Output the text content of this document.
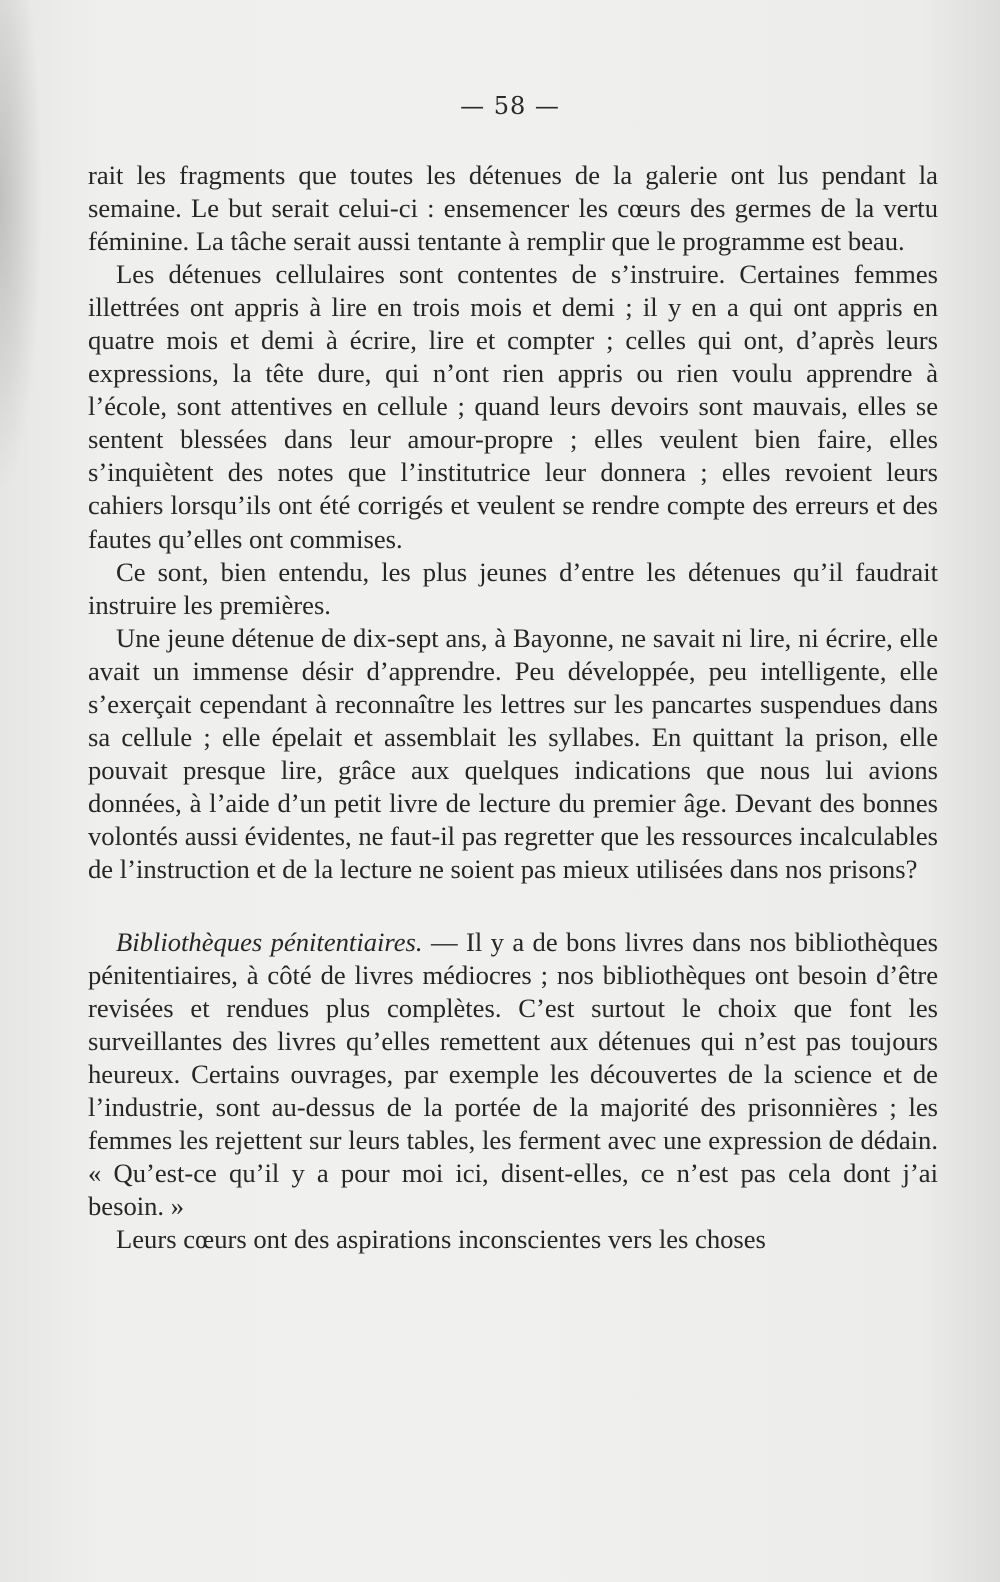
— 58 —

rait les fragments que toutes les détenues de la galerie ont lus pendant la semaine. Le but serait celui-ci : ensemencer les cœurs des germes de la vertu féminine. La tâche serait aussi tentante à remplir que le programme est beau.

Les détenues cellulaires sont contentes de s’instruire. Certaines femmes illettrées ont appris à lire en trois mois et demi ; il y en a qui ont appris en quatre mois et demi à écrire, lire et compter ; celles qui ont, d’après leurs expressions, la tête dure, qui n’ont rien appris ou rien voulu apprendre à l’école, sont attentives en cellule ; quand leurs devoirs sont mauvais, elles se sentent blessées dans leur amour-propre ; elles veulent bien faire, elles s’inquiètent des notes que l’institutrice leur donnera ; elles revoient leurs cahiers lorsqu’ils ont été corrigés et veulent se rendre compte des erreurs et des fautes qu’elles ont commises.

Ce sont, bien entendu, les plus jeunes d’entre les détenues qu’il faudrait instruire les premières.

Une jeune détenue de dix-sept ans, à Bayonne, ne savait ni lire, ni écrire, elle avait un immense désir d’apprendre. Peu développée, peu intelligente, elle s’exerçait cependant à reconnaître les lettres sur les pancartes suspendues dans sa cellule ; elle épelait et assemblait les syllabes. En quittant la prison, elle pouvait presque lire, grâce aux quelques indications que nous lui avions données, à l’aide d’un petit livre de lecture du premier âge. Devant des bonnes volontés aussi évidentes, ne faut-il pas regretter que les ressources incalculables de l’instruction et de la lecture ne soient pas mieux utilisées dans nos prisons?

Bibliothèques pénitentiaires. — Il y a de bons livres dans nos bibliothèques pénitentiaires, à côté de livres médiocres ; nos bibliothèques ont besoin d’être revisées et rendues plus complètes. C’est surtout le choix que font les surveillantes des livres qu’elles remettent aux détenues qui n’est pas toujours heureux. Certains ouvrages, par exemple les découvertes de la science et de l’industrie, sont au-dessus de la portée de la majorité des prisonnières ; les femmes les rejettent sur leurs tables, les ferment avec une expression de dédain. « Qu’est-ce qu’il y a pour moi ici, disent-elles, ce n’est pas cela dont j’ai besoin. »

Leurs cœurs ont des aspirations inconscientes vers les choses
